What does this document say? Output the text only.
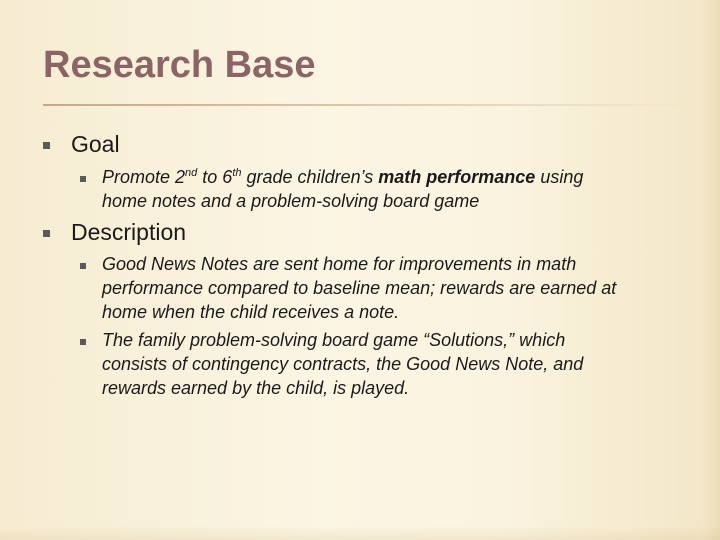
Research Base
Goal
Promote 2nd to 6th grade children’s math performance using
home notes and a problem-solving board game
Description
Good News Notes are sent home for improvements in math
performance compared to baseline mean; rewards are earned at
home when the child receives a note.
The family problem-solving board game “Solutions,” which
consists of contingency contracts, the Good News Note, and
rewards earned by the child, is played.
